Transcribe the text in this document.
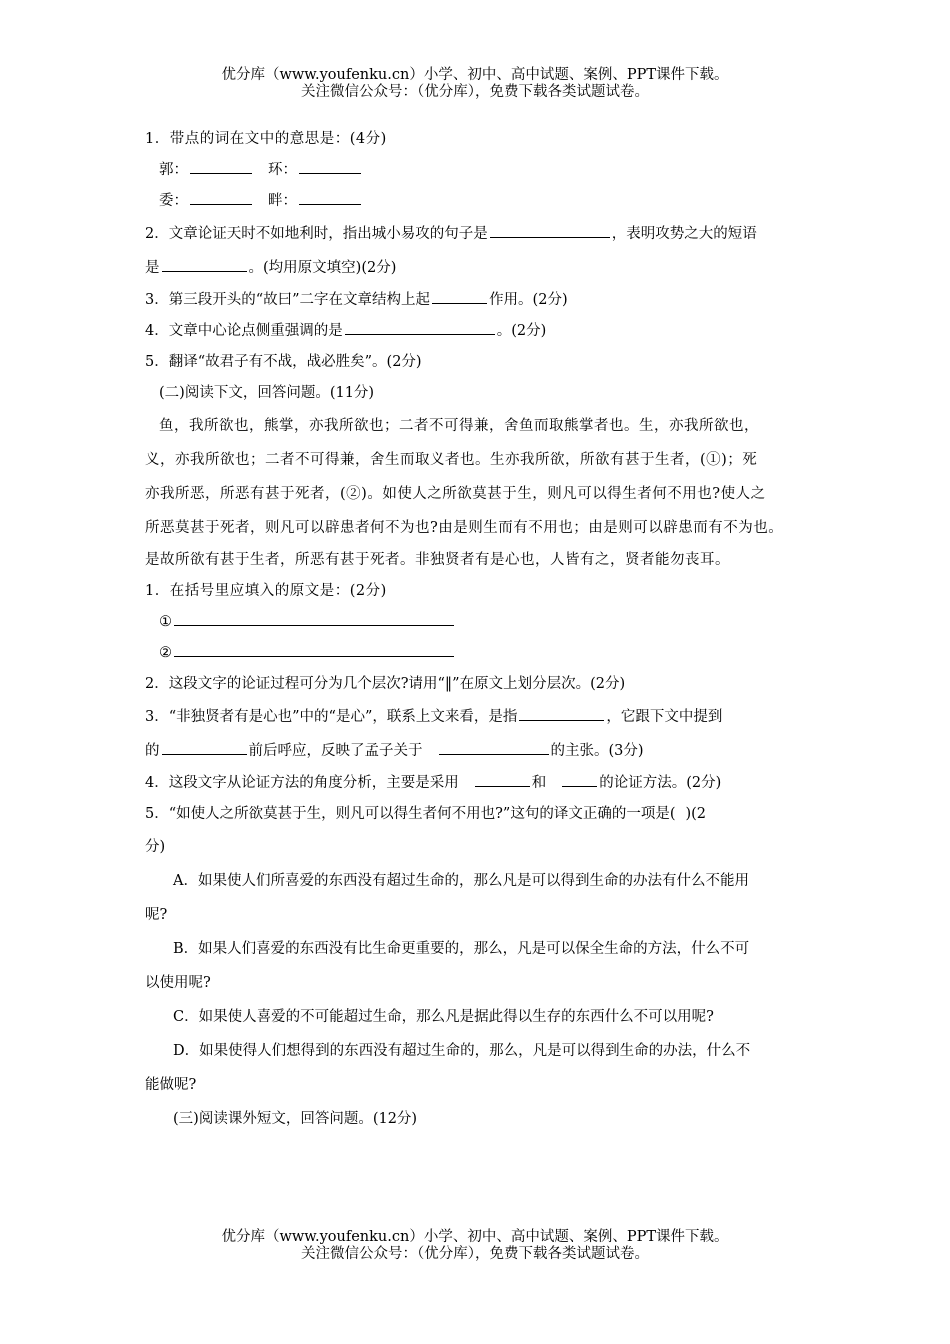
优分库（www.youfenku.cn）小学、初中、高中试题、案例、PPT课件下载。
关注微信公众号：（优分库），免费下载各类试题试卷。
1．带点的词在文中的意思是：(4分)
郭：	环：
委：	畔：
2．文章论证天时不如地利时，指出城小易攻的句子是	，表明攻势之大的短语
是	。(均用原文填空)(2分)
3．第三段开头的“故曰”二字在文章结构上起	作用。(2分)
4．文章中心论点侧重强调的是	。(2分)
5．翻译“故君子有不战，战必胜矣”。(2分)
(二)阅读下文，回答问题。(11分)
鱼，我所欲也，熊掌，亦我所欲也；二者不可得兼，舍鱼而取熊掌者也。生，亦我所欲也，
义，亦我所欲也；二者不可得兼，舍生而取义者也。生亦我所欲，所欲有甚于生者，(①)；死
亦我所恶，所恶有甚于死者，(②)。如使人之所欲莫甚于生，则凡可以得生者何不用也?使人之
所恶莫甚于死者，则凡可以辟患者何不为也?由是则生而有不用也；由是则可以辟患而有不为也。
是故所欲有甚于生者，所恶有甚于死者。非独贤者有是心也，人皆有之，贤者能勿丧耳。
1．在括号里应填入的原文是：(2分)
①
②
2．这段文字的论证过程可分为几个层次?请用“‖”在原文上划分层次。(2分)
3．“非独贤者有是心也”中的“是心”，联系上文来看，是指	，它跟下文中提到
的	前后呼应，反映了孟子关于	的主张。(3分)
4．这段文字从论证方法的角度分析，主要是采用	和	的论证方法。(2分)
5．“如使人之所欲莫甚于生，则凡可以得生者何不用也?”这句的译文正确的一项是( )(2
分)
A．如果使人们所喜爱的东西没有超过生命的，那么凡是可以得到生命的办法有什么不能用
呢?
B．如果人们喜爱的东西没有比生命更重要的，那么，凡是可以保全生命的方法，什么不可
以使用呢?
C．如果使人喜爱的不可能超过生命，那么凡是据此得以生存的东西什么不可以用呢?
D．如果使得人们想得到的东西没有超过生命的，那么，凡是可以得到生命的办法，什么不
能做呢?
(三)阅读课外短文，回答问题。(12分)
优分库（www.youfenku.cn）小学、初中、高中试题、案例、PPT课件下载。
关注微信公众号：（优分库），免费下载各类试题试卷。
